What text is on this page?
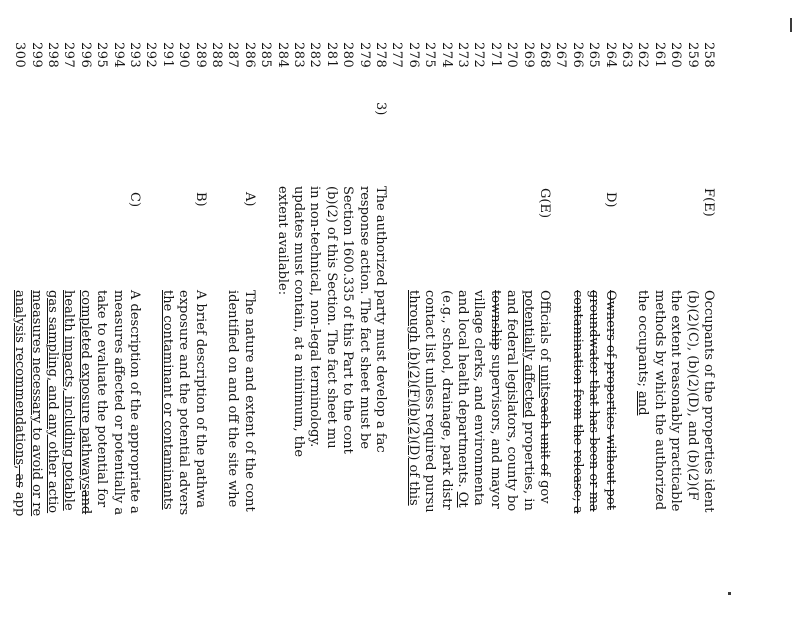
258
F(E)
Occupants of the properties ident
259
(b)(2)(C), (b)(2)(D), and (b)(2)(F
260
the extent reasonably practicable
261
methods by which the authorized
262
the occupants; and
263
264
D)
Owners of properties without pot
265
groundwater that has been or ma
266
contamination from the release; a
267
268
G(E)
Officials of unitseach unit of gov
269
potentially affected properties, in
270
and federal legislators, county bo
271
township supervisors, and mayor
272
village clerks, and environmenta
273
and local health departments. Ot
274
(e.g., school, drainage, park distr
275
contact list unless required pursu
276
through (b)(2)(F)(b)(2)(D) of this
277
278
3)
The authorized party must develop a fac
279
response action. The fact sheet must be
280
Section 1600.335 of this Part to the cont
281
(b)(2) of this Section. The fact sheet mu
282
in non-technical, non-legal terminology.
283
updates must contain, at a minimum, the
284
extent available:
285
286
A)
The nature and extent of the cont
287
identified on and off the site whe
288
289
B)
A brief description of the pathwa
290
exposure and the potential advers
291
the contaminant or contaminants
292
293
C)
A description of the appropriate a
294
measures affected or potentially a
295
take to evaluate the potential for
296
completed exposure pathwaysand
297
health impacts, including potable
298
gas sampling, and any other actio
299
measures necessary to avoid or re
300
analysis recommendations, as app
